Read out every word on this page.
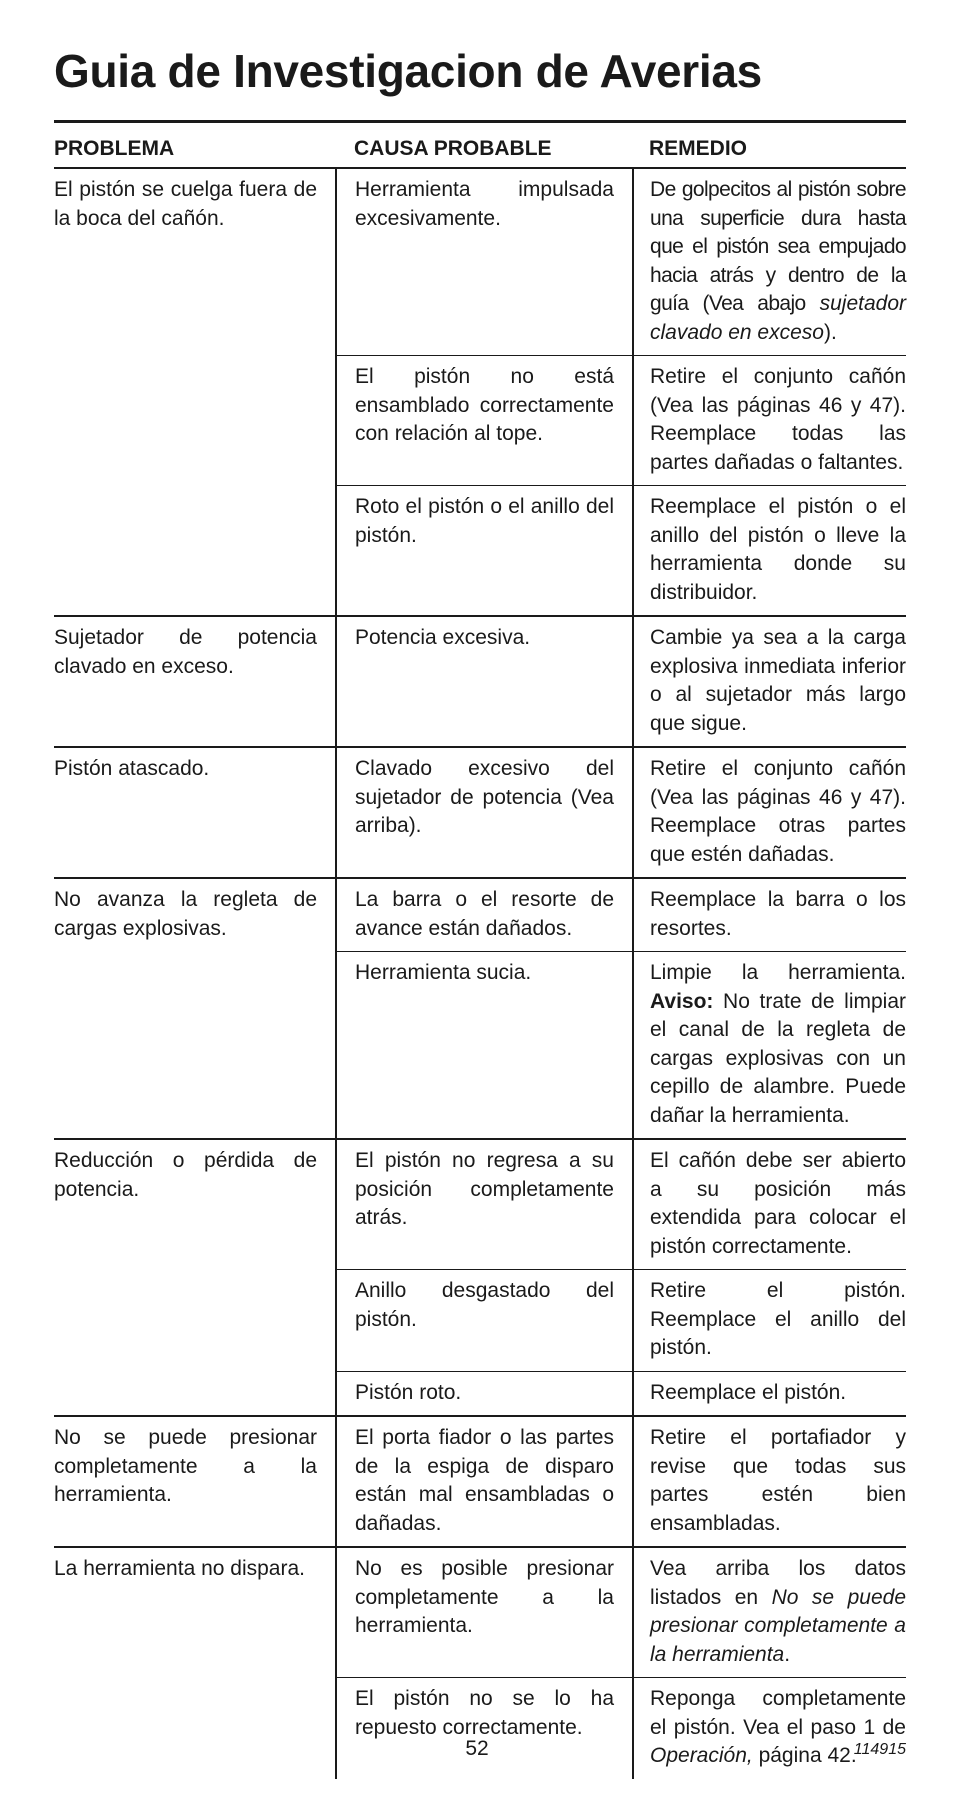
Guia de Investigacion de Averias
PROBLEMA	CAUSA PROBABLE	REMEDIO
El pistón se cuelga fuera de la boca del cañón.	Herramienta impulsada excesivamente.	De golpecitos al pistón sobre una superficie dura hasta que el pistón sea empujado hacia atrás y dentro de la guía (Vea abajo sujetador clavado en exceso).
	El pistón no está ensamblado correctamente con relación al tope.	Retire el conjunto cañón (Vea las páginas 46 y 47). Reemplace todas las partes dañadas o faltantes.
	Roto el pistón o el anillo del pistón.	Reemplace el pistón o el anillo del pistón o lleve la herramienta donde su distribuidor.
Sujetador de potencia clavado en exceso.	Potencia excesiva.	Cambie ya sea a la carga explosiva inmediata inferior o al sujetador más largo que sigue.
Pistón atascado.	Clavado excesivo del sujetador de potencia (Vea arriba).	Retire el conjunto cañón (Vea las páginas 46 y 47). Reemplace otras partes que estén dañadas.
No avanza la regleta de cargas explosivas.	La barra o el resorte de avance están dañados.	Reemplace la barra o los resortes.
	Herramienta sucia.	Limpie la herramienta. Aviso: No trate de limpiar el canal de la regleta de cargas explosivas con un cepillo de alambre. Puede dañar la herramienta.
Reducción o pérdida de potencia.	El pistón no regresa a su posición completamente atrás.	El cañón debe ser abierto a su posición más extendida para colocar el pistón correctamente.
	Anillo desgastado del pistón.	Retire el pistón. Reemplace el anillo del pistón.
	Pistón roto.	Reemplace el pistón.
No se puede presionar completamente a la herramienta.	El porta fiador o las partes de la espiga de disparo están mal ensambladas o dañadas.	Retire el portafiador y revise que todas sus partes estén bien ensambladas.
La herramienta no dispara.	No es posible presionar completamente a la herramienta.	Vea arriba los datos listados en No se puede presionar completamente a la herramienta.
	El pistón no se lo ha repuesto correctamente.	Reponga completamente el pistón. Vea el paso 1 de Operación, página 42.
52	114915
